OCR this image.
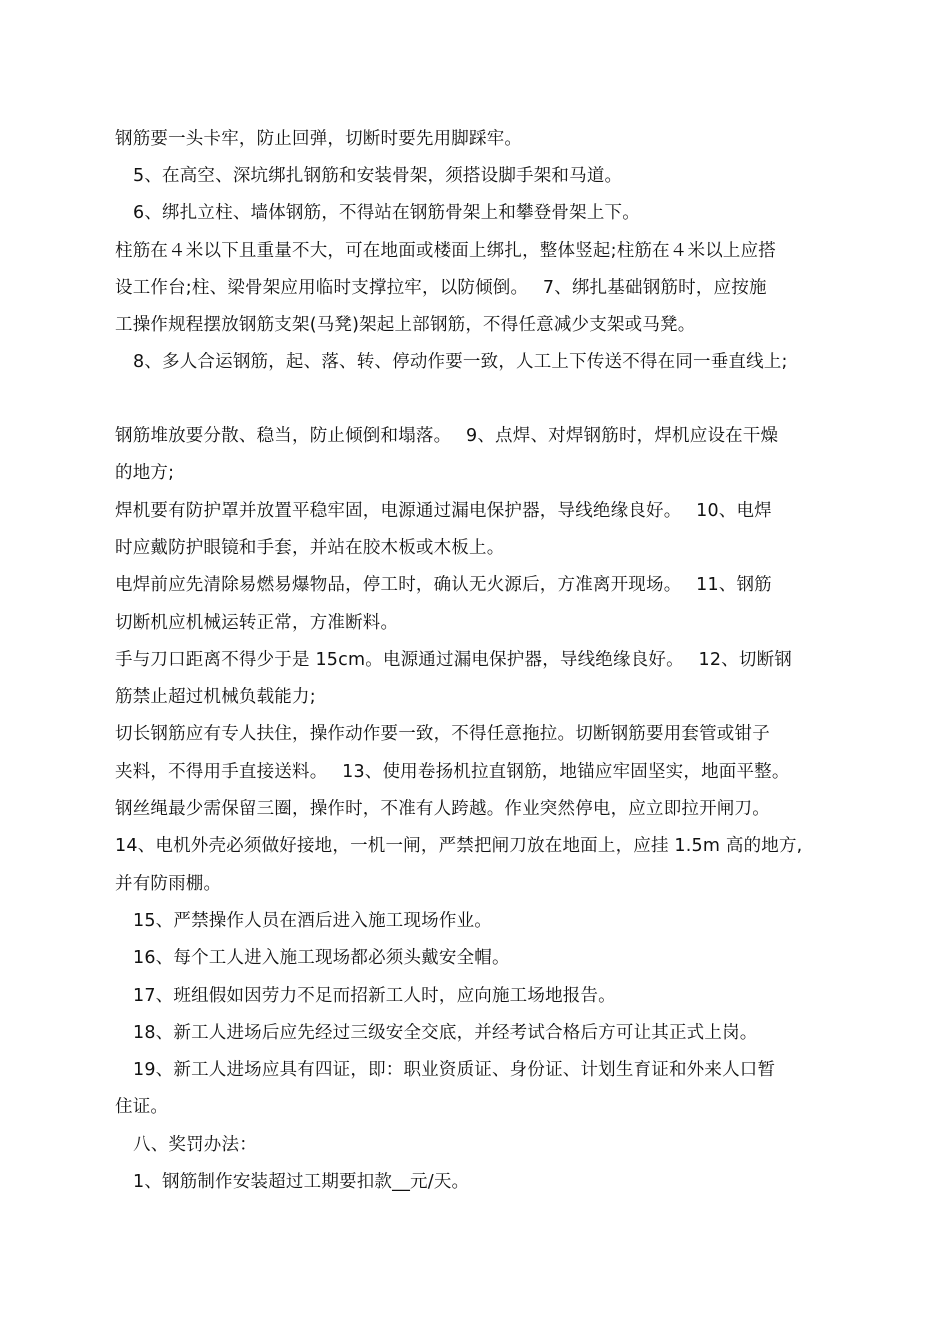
钢筋要一头卡牢，防止回弹，切断时要先用脚踩牢。
5、在高空、深坑绑扎钢筋和安装骨架，须搭设脚手架和马道。
6、绑扎立柱、墙体钢筋，不得站在钢筋骨架上和攀登骨架上下。
柱筋在４米以下且重量不大，可在地面或楼面上绑扎，整体竖起;柱筋在４米以上应搭
设工作台;柱、梁骨架应用临时支撑拉牢，以防倾倒。　 7、绑扎基础钢筋时，应按施
工操作规程摆放钢筋支架(马凳)架起上部钢筋，不得任意减少支架或马凳。
8、多人合运钢筋，起、落、转、停动作要一致，人工上下传送不得在同一垂直线上;
钢筋堆放要分散、稳当，防止倾倒和塌落。　 9、点焊、对焊钢筋时，焊机应设在干燥
的地方;
焊机要有防护罩并放置平稳牢固，电源通过漏电保护器，导线绝缘良好。　 10、电焊
时应戴防护眼镜和手套，并站在胶木板或木板上。
电焊前应先清除易燃易爆物品，停工时，确认无火源后，方准离开现场。　 11、钢筋
切断机应机械运转正常，方准断料。
手与刀口距离不得少于是 15cm。电源通过漏电保护器，导线绝缘良好。　 12、切断钢
筋禁止超过机械负载能力;
切长钢筋应有专人扶住，操作动作要一致，不得任意拖拉。切断钢筋要用套管或钳子
夹料，不得用手直接送料。　 13、使用卷扬机拉直钢筋，地锚应牢固坚实，地面平整。
钢丝绳最少需保留三圈，操作时，不准有人跨越。作业突然停电，应立即拉开闸刀。
14、电机外壳必须做好接地，一机一闸，严禁把闸刀放在地面上，应挂 1.5m 高的地方,
并有防雨棚。
15、严禁操作人员在酒后进入施工现场作业。
16、每个工人进入施工现场都必须头戴安全帽。
17、班组假如因劳力不足而招新工人时，应向施工场地报告。
18、新工人进场后应先经过三级安全交底，并经考试合格后方可让其正式上岗。
19、新工人进场应具有四证，即：职业资质证、身份证、计划生育证和外来人口暂
住证。
八、奖罚办法：
1、钢筋制作安装超过工期要扣款__元/天。
